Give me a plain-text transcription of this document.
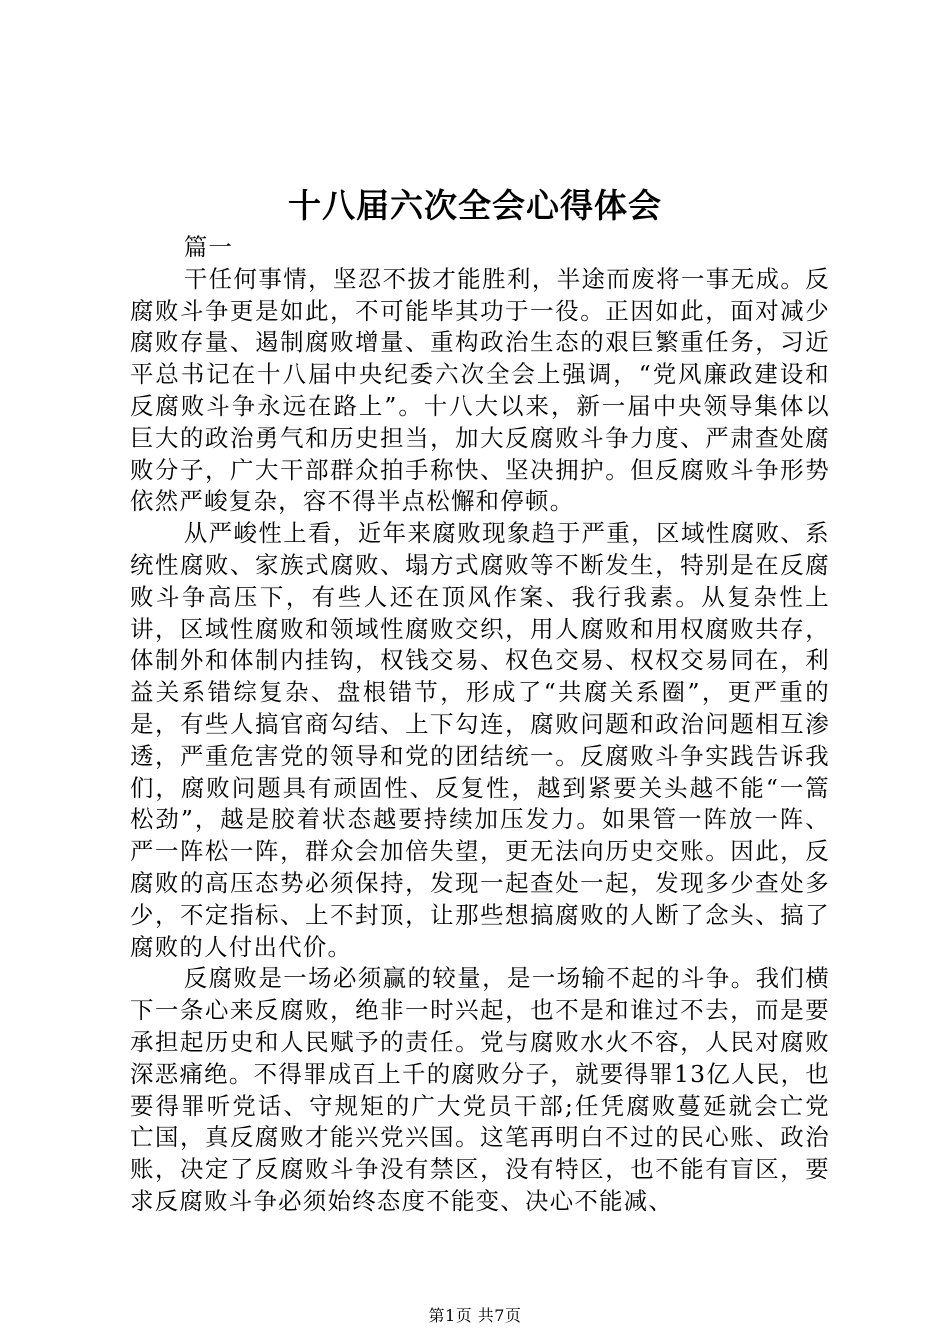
十八届六次全会心得体会

篇一

干任何事情，坚忍不拔才能胜利，半途而废将一事无成。反腐败斗争更是如此，不可能毕其功于一役。正因如此，面对减少腐败存量、遏制腐败增量、重构政治生态的艰巨繁重任务，习近平总书记在十八届中央纪委六次全会上强调，“党风廉政建设和反腐败斗争永远在路上”。十八大以来，新一届中央领导集体以巨大的政治勇气和历史担当，加大反腐败斗争力度、严肃查处腐败分子，广大干部群众拍手称快、坚决拥护。但反腐败斗争形势依然严峻复杂，容不得半点松懈和停顿。

从严峻性上看，近年来腐败现象趋于严重，区域性腐败、系统性腐败、家族式腐败、塌方式腐败等不断发生，特别是在反腐败斗争高压下，有些人还在顶风作案、我行我素。从复杂性上讲，区域性腐败和领域性腐败交织，用人腐败和用权腐败共存，体制外和体制内挂钩，权钱交易、权色交易、权权交易同在，利益关系错综复杂、盘根错节，形成了“共腐关系圈”，更严重的是，有些人搞官商勾结、上下勾连，腐败问题和政治问题相互渗透，严重危害党的领导和党的团结统一。反腐败斗争实践告诉我们，腐败问题具有顽固性、反复性，越到紧要关头越不能“一篙松劲”，越是胶着状态越要持续加压发力。如果管一阵放一阵、严一阵松一阵，群众会加倍失望，更无法向历史交账。因此，反腐败的高压态势必须保持，发现一起查处一起，发现多少查处多少，不定指标、上不封顶，让那些想搞腐败的人断了念头、搞了腐败的人付出代价。

反腐败是一场必须赢的较量，是一场输不起的斗争。我们横下一条心来反腐败，绝非一时兴起，也不是和谁过不去，而是要承担起历史和人民赋予的责任。党与腐败水火不容，人民对腐败深恶痛绝。不得罪成百上千的腐败分子，就要得罪13亿人民，也要得罪听党话、守规矩的广大党员干部;任凭腐败蔓延就会亡党亡国，真反腐败才能兴党兴国。这笔再明白不过的民心账、政治账，决定了反腐败斗争没有禁区，没有特区，也不能有盲区，要求反腐败斗争必须始终态度不能变、决心不能减、

第1页 共7页
